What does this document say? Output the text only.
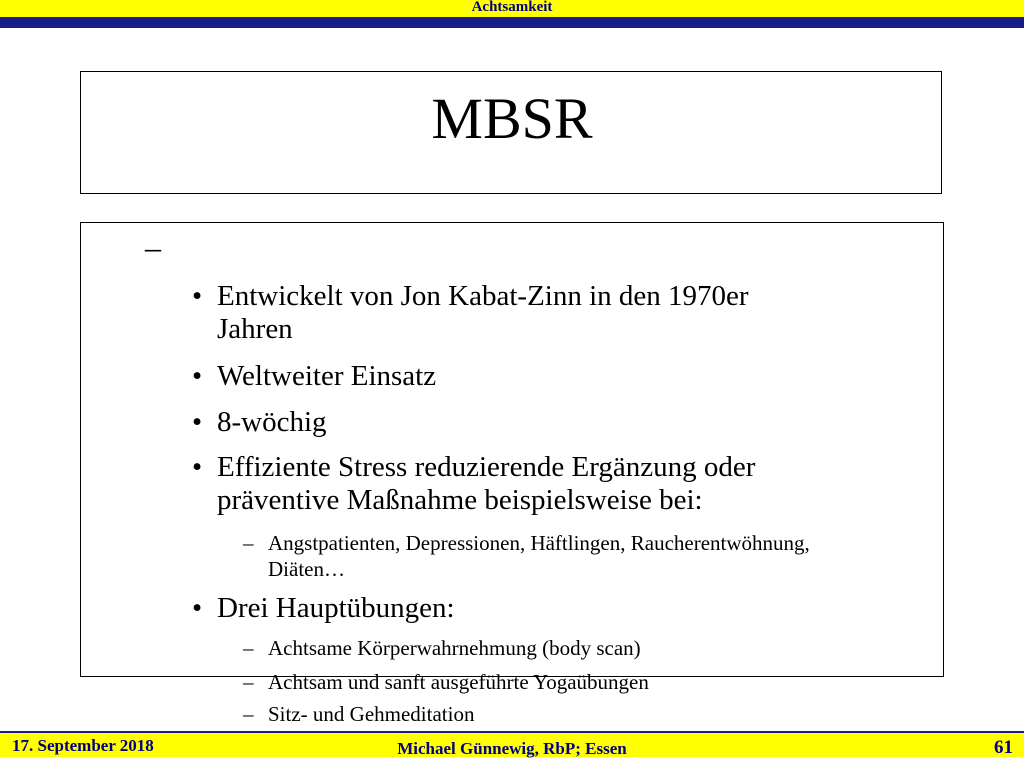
Achtsamkeit
MBSR
–
• Entwickelt von Jon Kabat-Zinn in den 1970er
Jahren
• Weltweiter Einsatz
• 8-wöchig
• Effiziente Stress reduzierende Ergänzung oder
präventive Maßnahme beispielsweise bei:
– Angstpatienten, Depressionen, Häftlingen, Raucherentwöhnung,
Diäten…
• Drei Hauptübungen:
– Achtsame Körperwahrnehmung (body scan)
– Achtsam und sanft ausgeführte Yogaübungen
– Sitz- und Gehmeditation
17. September 2018	Michael Günnewig, RbP; Essen	61
